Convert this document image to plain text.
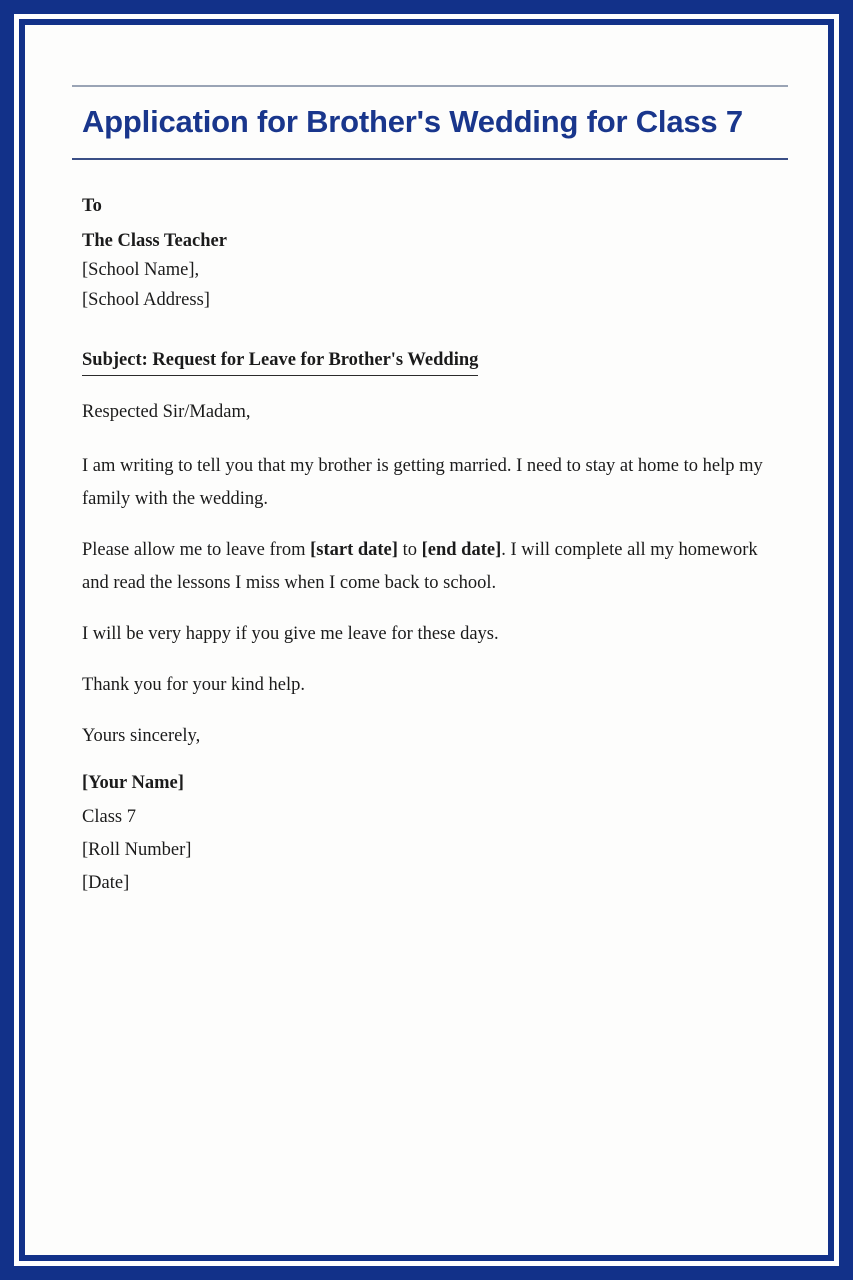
Application for Brother's Wedding for Class 7

To

The Class Teacher

[School Name],

[School Address]

Subject: Request for Leave for Brother's Wedding

Respected Sir/Madam,

I am writing to tell you that my brother is getting married. I need to stay at home to help my family with the wedding.

Please allow me to leave from [start date] to [end date]. I will complete all my homework and read the lessons I miss when I come back to school.

I will be very happy if you give me leave for these days.

Thank you for your kind help.

Yours sincerely,

[Your Name]

Class 7

[Roll Number]

[Date]
